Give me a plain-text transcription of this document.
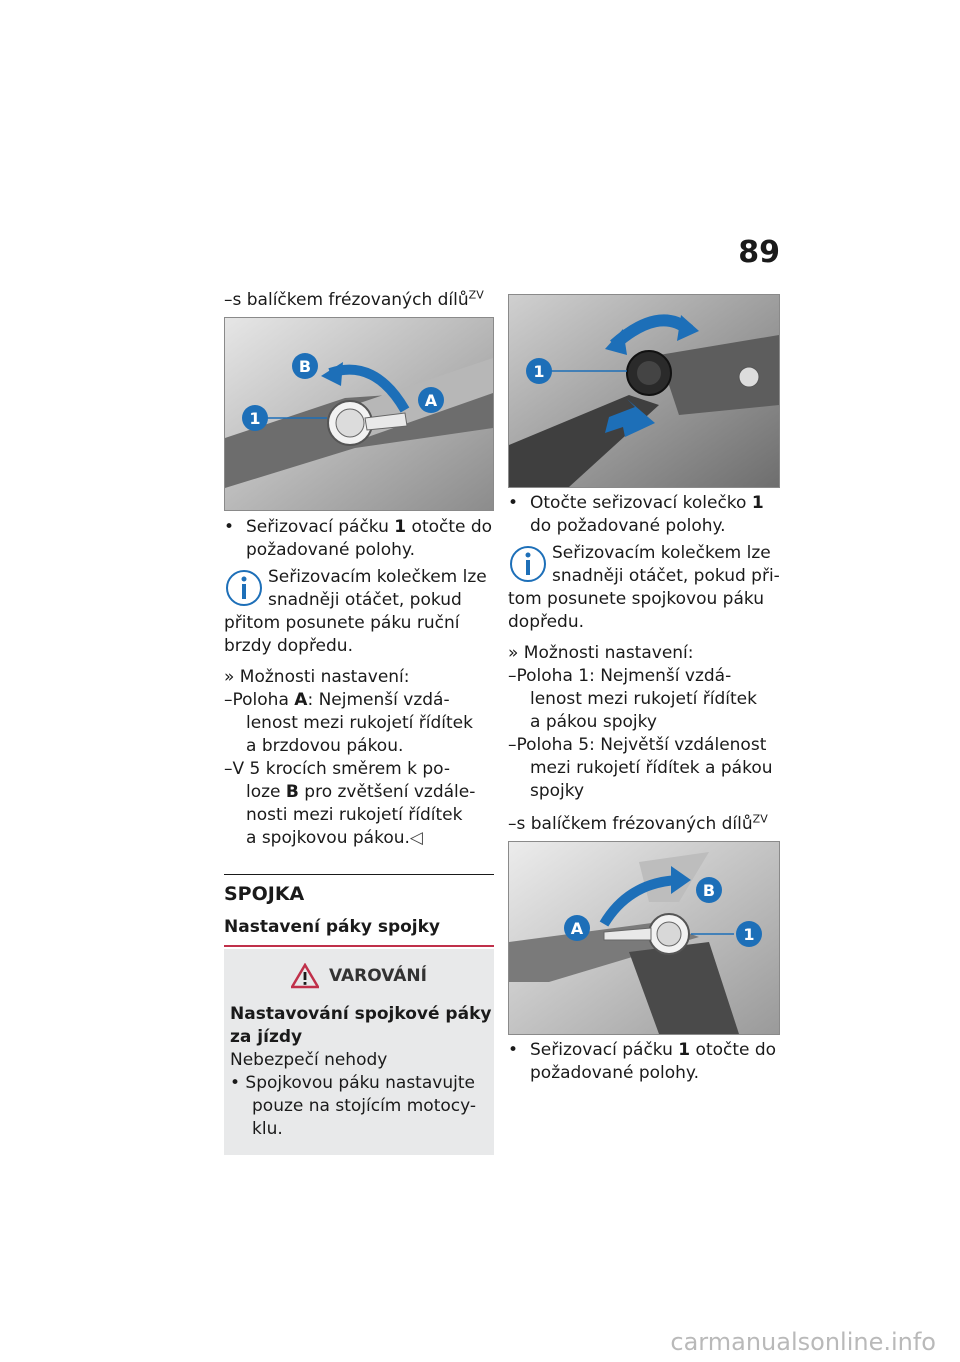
89

–s balíčkem frézovaných dílů$^{ZV}$

B
A
1
• Seřizovací páčku 1 otočte do

požadované polohy.

Seřizovacím kolečkem lze

snadněji otáčet, pokud

přitom posunete páku ruční

brzdy dopředu.

» Možnosti nastavení:

–Poloha A: Nejmenší vzdá-

lenost mezi rukojetí řídítek

a brzdovou pákou.

–V 5 krocích směrem k po-

loze B pro zvětšení vzdále-

nosti mezi rukojetí řídítek

a spojkovou pákou.◁

SPOJKA
Nastavení páky spojky
VAROVÁNÍ

Nastavování spojkové páky

za jízdy

Nebezpečí nehody

• Spojkovou páku nastavujte

pouze na stojícím motocy-

klu.

1
• Otočte seřizovací kolečko 1

do požadované polohy.

Seřizovacím kolečkem lze

snadněji otáčet, pokud při-

tom posunete spojkovou páku

dopředu.

» Možnosti nastavení:

–Poloha 1: Nejmenší vzdá-

lenost mezi rukojetí řídítek

a pákou spojky

–Poloha 5: Největší vzdálenost

mezi rukojetí řídítek a pákou

spojky

–s balíčkem frézovaných dílů$^{ZV}$

A
B
1
• Seřizovací páčku 1 otočte do

požadované polohy.

carmanualsonline.info
